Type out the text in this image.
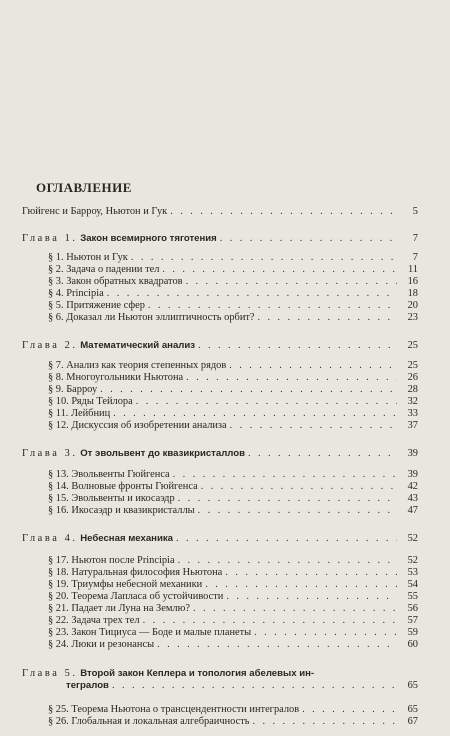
ОГЛАВЛЕНИЕ
Гюйгенс и Барроу, Ньютон и Гук . . .	5
Глава 1. Закон всемирного тяготения . . .	7
§ 1. Ньютон и Гук . . .	7
§ 2. Задача о падении тел . . .	11
§ 3. Закон обратных квадратов . . .	16
§ 4. Principia . . .	18
§ 5. Притяжение сфер . . .	20
§ 6. Доказал ли Ньютон эллиптичность орбит? . . .	23
Глава 2. Математический анализ . . .	25
§ 7. Анализ как теория степенных рядов . . .	25
§ 8. Многоугольники Ньютона . . .	26
§ 9. Барроу . . .	28
§ 10. Ряды Тейлора . . .	32
§ 11. Лейбниц . . .	33
§ 12. Дискуссия об изобретении анализа . . .	37
Глава 3. От эвольвент до квазикристаллов . . .	39
§ 13. Эвольвенты Гюйгенса . . .	39
§ 14. Волновые фронты Гюйгенса . . .	42
§ 15. Эвольвенты и икосаэдр . . .	43
§ 16. Икосаэдр и квазикристаллы . . .	47
Глава 4. Небесная механика . . .	52
§ 17. Ньютон после Principia . . .	52
§ 18. Натуральная философия Ньютона . . .	53
§ 19. Триумфы небесной механики . . .	54
§ 20. Теорема Лапласа об устойчивости . . .	55
§ 21. Падает ли Луна на Землю? . . .	56
§ 22. Задача трех тел . . .	57
§ 23. Закон Тициуса — Боде и малые планеты . . .	59
§ 24. Люки и резонансы . . .	60
Глава 5. Второй закон Кеплера и топология абелевых ин-
тегралов . . .	65
§ 25. Теорема Ньютона о трансцендентности интегралов . . .	65
§ 26. Глобальная и локальная алгебраичность . . .	67
